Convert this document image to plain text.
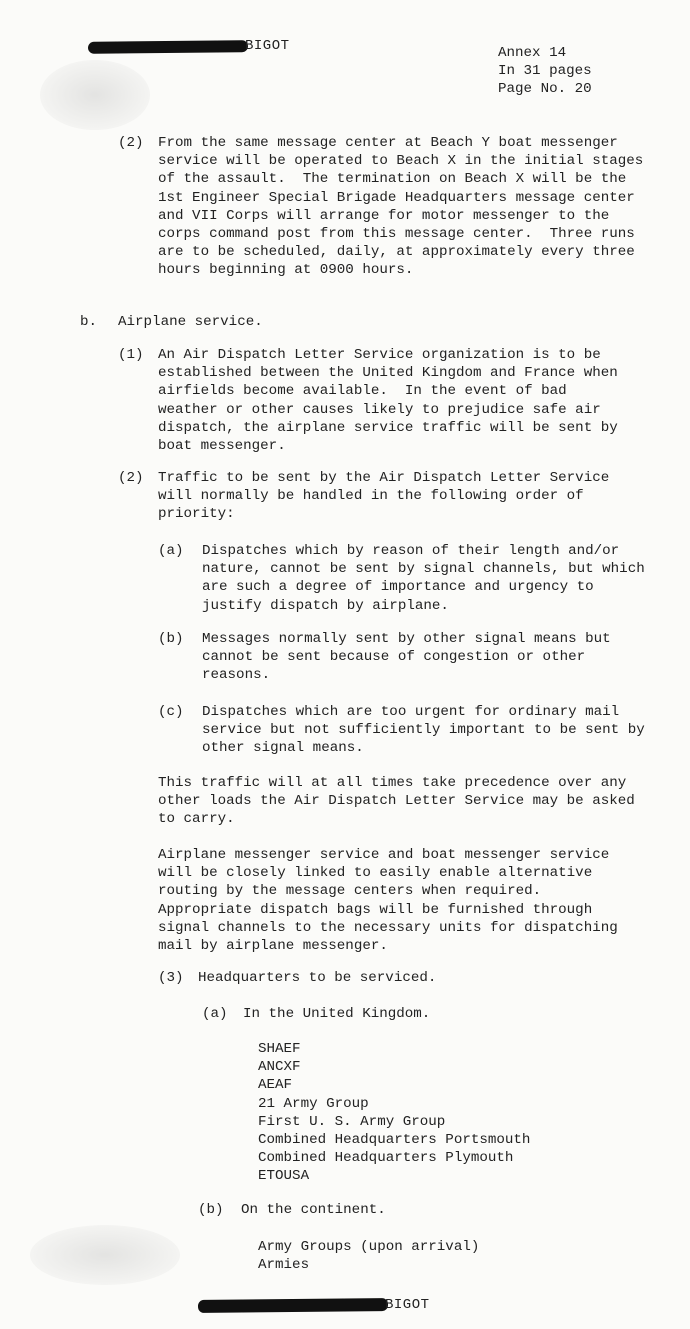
BIGOT	Annex 14
In 31 pages
Page No. 20
(2) From the same message center at Beach Y boat messenger service will be operated to Beach X in the initial stages of the assault.  The termination on Beach X will be the 1st Engineer Special Brigade Headquarters message center and VII Corps will arrange for motor messenger to the corps command post from this message center.  Three runs are to be scheduled, daily, at approximately every three hours beginning at 0900 hours.

b. Airplane service.
(1) An Air Dispatch Letter Service organization is to be established between the United Kingdom and France when airfields become available.  In the event of bad weather or other causes likely to prejudice safe air dispatch, the airplane service traffic will be sent by boat messenger.

(2) Traffic to be sent by the Air Dispatch Letter Service will normally be handled in the following order of priority:

(a) Dispatches which by reason of their length and/or nature, cannot be sent by signal channels, but which are such a degree of importance and urgency to justify dispatch by airplane.

(b) Messages normally sent by other signal means but cannot be sent because of congestion or other reasons.

(c) Dispatches which are too urgent for ordinary mail service but not sufficiently important to be sent by other signal means.

This traffic will at all times take precedence over any other loads the Air Dispatch Letter Service may be asked to carry.

Airplane messenger service and boat messenger service will be closely linked to easily enable alternative routing by the message centers when required.  Appropriate dispatch bags will be furnished through signal channels to the necessary units for dispatching mail by airplane messenger.

(3) Headquarters to be serviced.
(a) In the United Kingdom.
SHAEF
ANCXF
AEAF
21 Army Group
First U. S. Army Group
Combined Headquarters Portsmouth
Combined Headquarters Plymouth
ETOUSA
(b) On the continent.
Army Groups (upon arrival)
Armies
BIGOT
